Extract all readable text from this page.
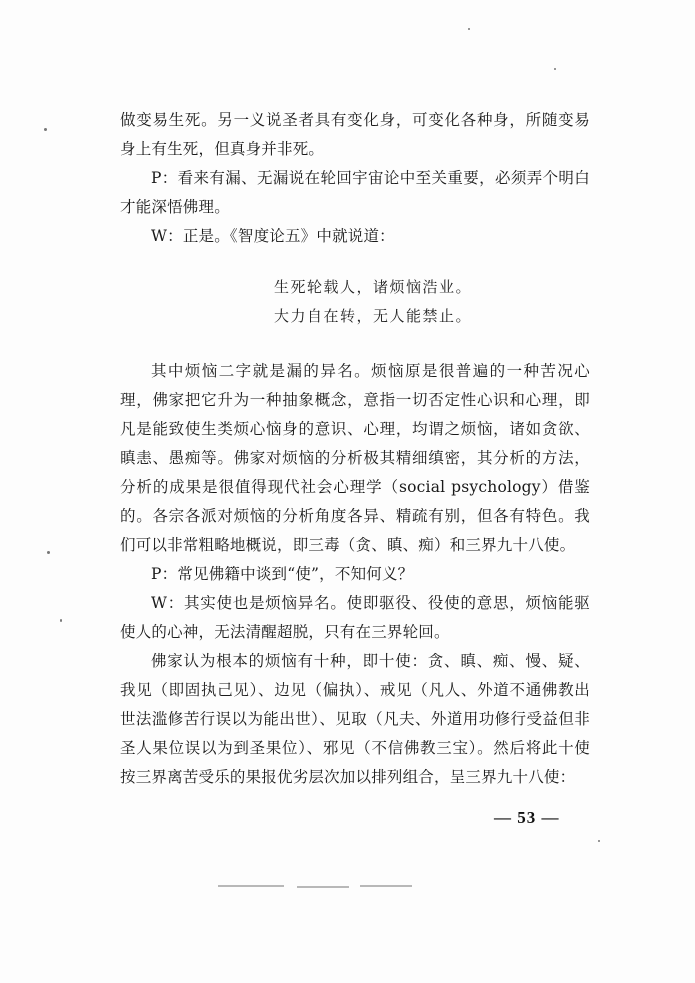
做变易生死。另一义说圣者具有变化身，可变化各种身，所随变易身上有生死，但真身并非死。

P：看来有漏、无漏说在轮回宇宙论中至关重要，必须弄个明白才能深悟佛理。

W：正是。《智度论五》中就说道：

生死轮载人，诸烦恼浩业。
大力自在转，无人能禁止。

其中烦恼二字就是漏的异名。烦恼原是很普遍的一种苦况心理，佛家把它升为一种抽象概念，意指一切否定性心识和心理，即凡是能致使生类烦心恼身的意识、心理，均谓之烦恼，诸如贪欲、瞋恚、愚痴等。佛家对烦恼的分析极其精细缜密，其分析的方法，分析的成果是很值得现代社会心理学（social psychology）借鉴的。各宗各派对烦恼的分析角度各异、精疏有别，但各有特色。我们可以非常粗略地概说，即三毒（贪、瞋、痴）和三界九十八使。

P：常见佛籍中谈到“使”，不知何义？

W：其实使也是烦恼异名。使即驱役、役使的意思，烦恼能驱使人的心神，无法清醒超脱，只有在三界轮回。

佛家认为根本的烦恼有十种，即十使：贪、瞋、痴、慢、疑、我见（即固执己见）、边见（偏执）、戒见（凡人、外道不通佛教出世法滥修苦行误以为能出世）、见取（凡夫、外道用功修行受益但非圣人果位误以为到圣果位）、邪见（不信佛教三宝）。然后将此十使按三界离苦受乐的果报优劣层次加以排列组合，呈三界九十八使：

— 53 —
